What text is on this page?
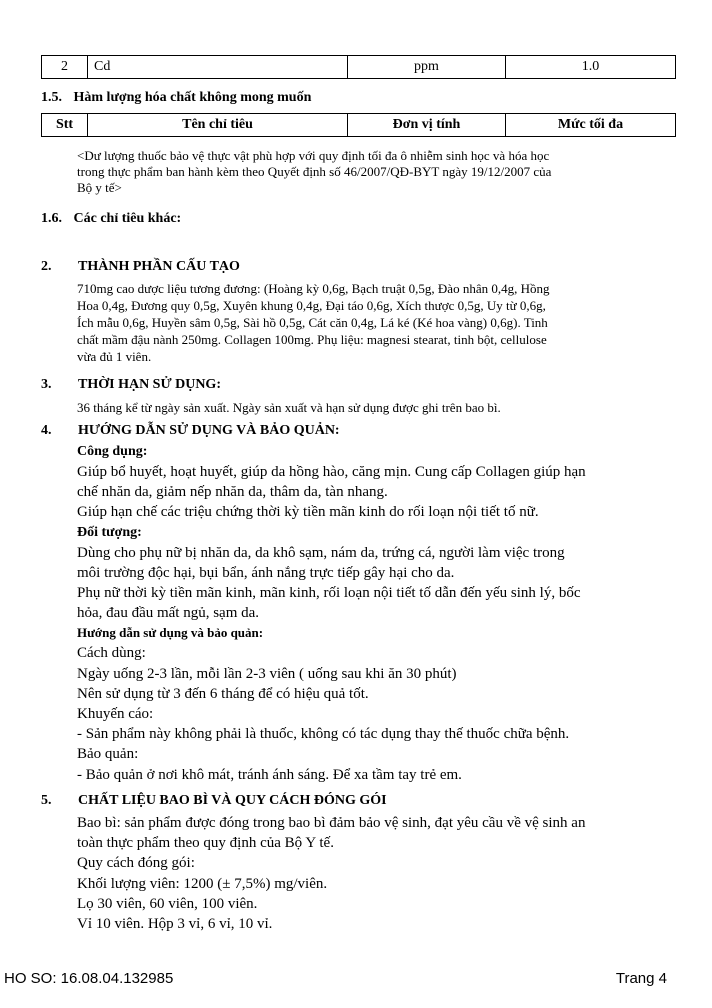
2	Cd	ppm	1.0
1.5. Hàm lượng hóa chất không mong muốn
Stt	Tên chỉ tiêu	Đơn vị tính	Mức tối đa
<Dư lượng thuốc bảo vệ thực vật phù hợp với quy định tối đa ô nhiễm sinh học và hóa học
trong thực phẩm ban hành kèm theo Quyết định số 46/2007/QĐ-BYT ngày 19/12/2007 của
Bộ y tế>
1.6. Các chỉ tiêu khác:
2. THÀNH PHẦN CẤU TẠO
710mg cao dược liệu tương đương: (Hoàng kỳ 0,6g, Bạch truật 0,5g, Đào nhân 0,4g, Hồng
Hoa 0,4g, Đương quy 0,5g, Xuyên khung 0,4g, Đại táo 0,6g, Xích thược 0,5g, Uy từ 0,6g,
Ích mẫu 0,6g, Huyền sâm 0,5g, Sài hồ 0,5g, Cát căn 0,4g, Lá ké (Ké hoa vàng) 0,6g). Tinh
chất mầm đậu nành 250mg. Collagen 100mg. Phụ liệu: magnesi stearat, tinh bột, cellulose
vừa đủ 1 viên.
3. THỜI HẠN SỬ DỤNG:
36 tháng kể từ ngày sản xuất. Ngày sản xuất và hạn sử dụng được ghi trên bao bì.
4. HƯỚNG DẪN SỬ DỤNG VÀ BẢO QUẢN:
Công dụng:
Giúp bổ huyết, hoạt huyết, giúp da hồng hào, căng mịn. Cung cấp Collagen giúp hạn
chế nhăn da, giảm nếp nhăn da, thâm da, tàn nhang.
Giúp hạn chế các triệu chứng thời kỳ tiền mãn kinh do rối loạn nội tiết tố nữ.
Đối tượng:
Dùng cho phụ nữ bị nhăn da, da khô sạm, nám da, trứng cá, người làm việc trong
môi trường độc hại, bụi bẩn, ánh nắng trực tiếp gây hại cho da.
Phụ nữ thời kỳ tiền mãn kinh, mãn kinh, rối loạn nội tiết tố dẫn đến yếu sinh lý, bốc
hỏa, đau đầu mất ngủ, sạm da.
Hướng dẫn sử dụng và bảo quản:
Cách dùng:
Ngày uống 2-3 lần, mỗi lần 2-3 viên ( uống sau khi ăn 30 phút)
Nên sử dụng từ 3 đến 6 tháng để có hiệu quả tốt.
Khuyến cáo:
- Sản phẩm này không phải là thuốc, không có tác dụng thay thế thuốc chữa bệnh.
Bảo quản:
- Bảo quản ở nơi khô mát, tránh ánh sáng. Để xa tầm tay trẻ em.
5. CHẤT LIỆU BAO BÌ VÀ QUY CÁCH ĐÓNG GÓI
Bao bì: sản phẩm được đóng trong bao bì đảm bảo vệ sinh, đạt yêu cầu về vệ sinh an
toàn thực phẩm theo quy định của Bộ Y tế.
Quy cách đóng gói:
Khối lượng viên: 1200 (± 7,5%) mg/viên.
Lọ 30 viên, 60 viên, 100 viên.
Vỉ 10 viên. Hộp 3 vỉ, 6 vỉ, 10 vỉ.
HO SO: 16.08.04.132985	Trang 4
